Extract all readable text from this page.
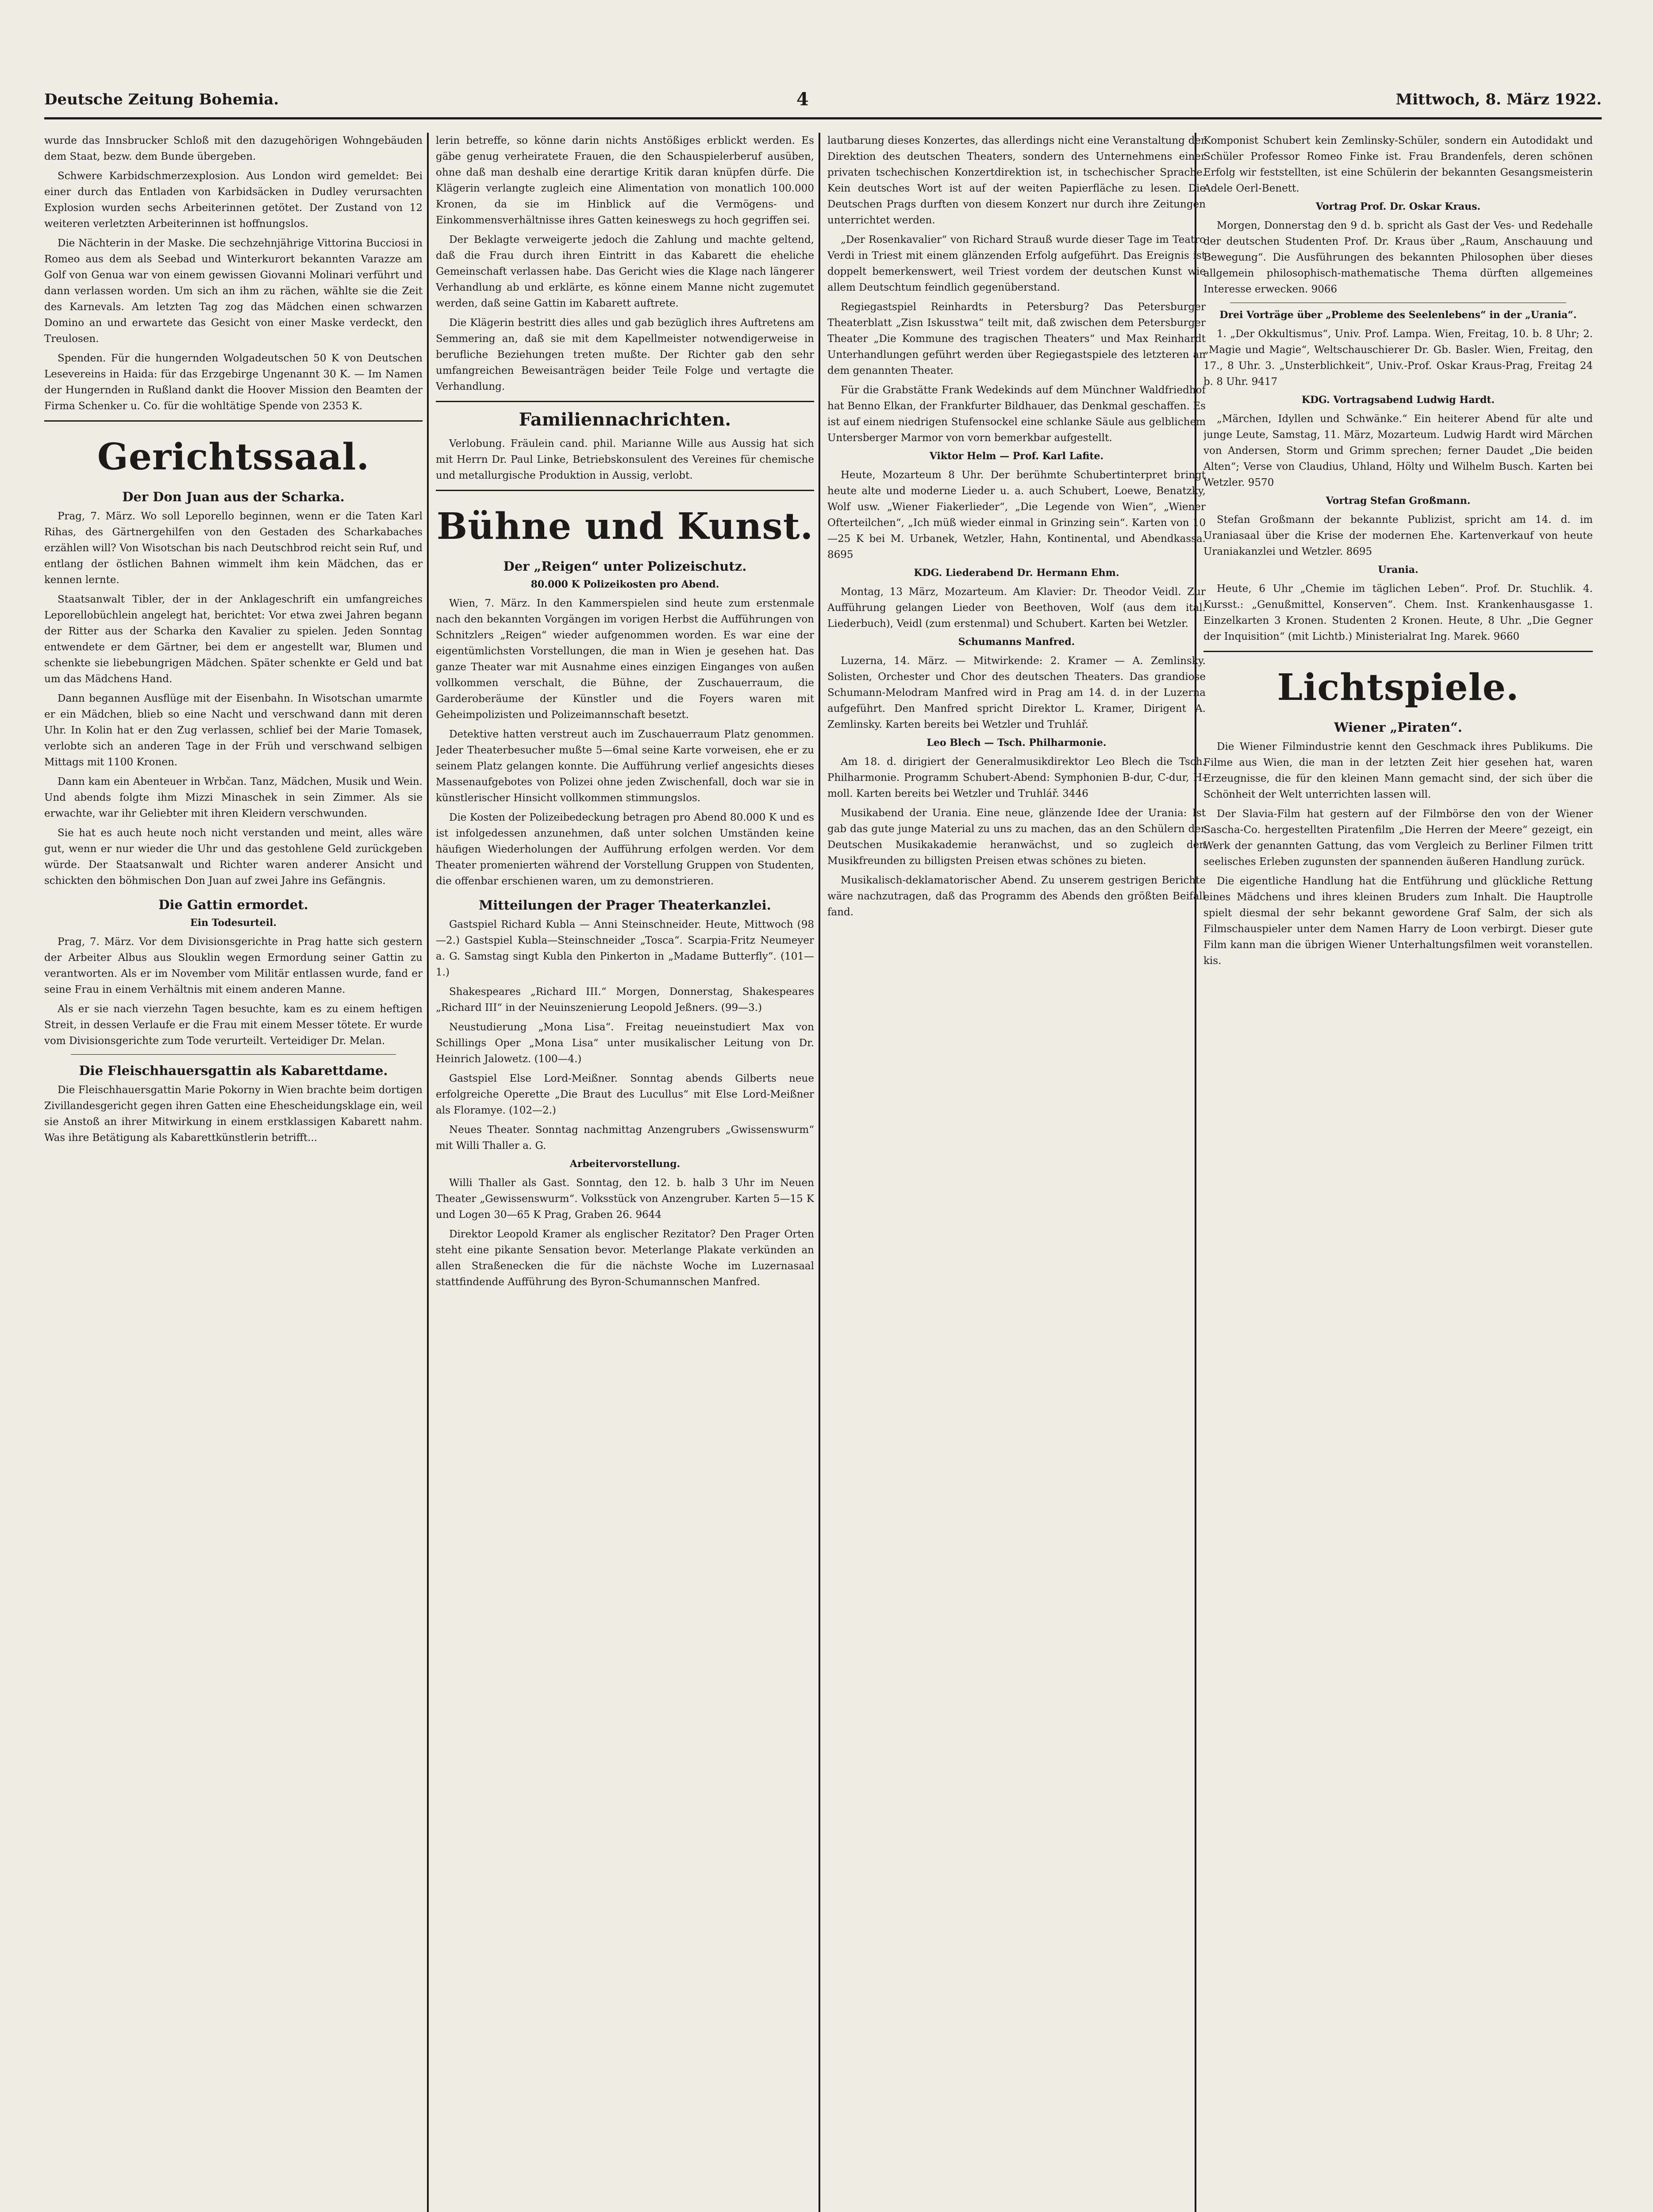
Deutsche Zeitung Bohemia.	4	Mittwoch, 8. März 1922.

wurde das Innsbrucker Schloß mit den dazugehörigen Wohngebäuden dem Staat, bezw. dem Bunde übergeben.

Schwere Karbidschmerzexplosion. Aus London wird gemeldet: Bei einer durch das Entladen von Karbidsäcken in Dudley verursachten Explosion wurden sechs Arbeiterinnen getötet. Der Zustand von 12 weiteren verletzten Arbeiterinnen ist hoffnungslos.

Die Nächterin in der Maske. Die sechzehnjährige Vittorina Bucciosi in Romeo aus dem als Seebad und Winterkurort bekannten Varazze am Golf von Genua war von einem gewissen Giovanni Molinari verführt und dann verlassen worden. Um sich an ihm zu rächen, wählte sie die Zeit des Karnevals. Am letzten Tag zog das Mädchen einen schwarzen Domino an und erwartete das Gesicht von einer Maske verdeckt, den Treulosen.

Spenden. Für die hungernden Wolgadeutschen 50 K von Deutschen Lesevereins in Haida: für das Erzgebirge Ungenannt 30 K. — Im Namen der Hungernden in Rußland dankt die Hoover Mission den Beamten der Firma Schenker u. Co. für die wohltätige Spende von 2353 K.

Gerichtssaal.
Der Don Juan aus der Scharka.

Prag, 7. März. Wo soll Leporello beginnen, wenn er die Taten Karl Rihas, des Gärtnergehilfen von den Gestaden des Scharkabaches erzählen will? Von Wisotschan bis nach Deutschbrod reicht sein Ruf, und entlang der östlichen Bahnen wimmelt ihm kein Mädchen, das er kennen lernte.

Staatsanwalt Tibler, der in der Anklageschrift ein umfangreiches Leporellobüchlein angelegt hat, berichtet: Vor etwa zwei Jahren begann der Ritter aus der Scharka den Kavalier zu spielen. Jeden Sonntag entwendete er dem Gärtner, bei dem er angestellt war, Blumen und schenkte sie liebebungrigen Mädchen. Später schenkte er Geld und bat um das Mädchens Hand.

Dann begannen Ausflüge mit der Eisenbahn. In Wisotschan umarmte er ein Mädchen, blieb so eine Nacht und verschwand dann mit deren Uhr. In Kolin hat er den Zug verlassen, schlief bei der Marie Tomasek, verlobte sich an anderen Tage in der Früh und verschwand selbigen Mittags mit 1100 Kronen.

Dann kam ein Abenteuer in Wrbčan. Tanz, Mädchen, Musik und Wein. Und abends folgte ihm Mizzi Minaschek in sein Zimmer. Als sie erwachte, war ihr Geliebter mit ihren Kleidern verschwunden.

Sie hat es auch heute noch nicht verstanden und meint, alles wäre gut, wenn er nur wieder die Uhr und das gestohlene Geld zurückgeben würde. Der Staatsanwalt und Richter waren anderer Ansicht und schickten den böhmischen Don Juan auf zwei Jahre ins Gefängnis.

Die Gattin ermordet.
Ein Todesurteil.

Prag, 7. März. Vor dem Divisionsgerichte in Prag hatte sich gestern der Arbeiter Albus aus Slouklin wegen Ermordung seiner Gattin zu verantworten. Als er im November vom Militär entlassen wurde, fand er seine Frau in einem Verhältnis mit einem anderen Manne.

Als er sie nach vierzehn Tagen besuchte, kam es zu einem heftigen Streit, in dessen Verlaufe er die Frau mit einem Messer tötete. Er wurde vom Divisionsgerichte zum Tode verurteilt. Verteidiger Dr. Melan.

Die Fleischhauersgattin als Kabarettdame.

Die Fleischhauersgattin Marie Pokorny in Wien brachte beim dortigen Zivillandesgericht gegen ihren Gatten eine Ehescheidungsklage ein, weil sie Anstoß an ihrer Mitwirkung in einem erstklassigen Kabarett nahm. Was ihre Betätigung als Kabarettkünstlerin betrifft...

lerin betreffe, so könne darin nichts Anstößiges erblickt werden. Es gäbe genug verheiratete Frauen, die den Schauspielerberuf ausüben, ohne daß man deshalb eine derartige Kritik daran knüpfen dürfe. Die Klägerin verlangte zugleich eine Alimentation von monatlich 100.000 Kronen, da sie im Hinblick auf die Vermögens- und Einkommensverhältnisse ihres Gatten keineswegs zu hoch gegriffen sei.

Der Beklagte verweigerte jedoch die Zahlung und machte geltend, daß die Frau durch ihren Eintritt in das Kabarett die eheliche Gemeinschaft verlassen habe. Das Gericht wies die Klage nach längerer Verhandlung ab und erklärte, es könne einem Manne nicht zugemutet werden, daß seine Gattin im Kabarett auftrete.

Die Klägerin bestritt dies alles und gab bezüglich ihres Auftretens am Semmering an, daß sie mit dem Kapellmeister notwendigerweise in berufliche Beziehungen treten mußte. Der Richter gab den sehr umfangreichen Beweisanträgen beider Teile Folge und vertagte die Verhandlung.

Familiennachrichten.

Verlobung. Fräulein cand. phil. Marianne Wille aus Aussig hat sich mit Herrn Dr. Paul Linke, Betriebskonsulent des Vereines für chemische und metallurgische Produktion in Aussig, verlobt.

Bühne und Kunst.
Der „Reigen“ unter Polizeischutz.
80.000 K Polizeikosten pro Abend.

Wien, 7. März. In den Kammerspielen sind heute zum erstenmale nach den bekannten Vorgängen im vorigen Herbst die Aufführungen von Schnitzlers „Reigen“ wieder aufgenommen worden. Es war eine der eigentümlichsten Vorstellungen, die man in Wien je gesehen hat. Das ganze Theater war mit Ausnahme eines einzigen Einganges von außen vollkommen verschalt, die Bühne, der Zuschauerraum, die Garderoberäume der Künstler und die Foyers waren mit Geheimpolizisten und Polizeimannschaft besetzt.

Detektive hatten verstreut auch im Zuschauerraum Platz genommen. Jeder Theaterbesucher mußte 5—6mal seine Karte vorweisen, ehe er zu seinem Platz gelangen konnte. Die Aufführung verlief angesichts dieses Massenaufgebotes von Polizei ohne jeden Zwischenfall, doch war sie in künstlerischer Hinsicht vollkommen stimmungslos.

Die Kosten der Polizeibedeckung betragen pro Abend 80.000 K und es ist infolgedessen anzunehmen, daß unter solchen Umständen keine häufigen Wiederholungen der Aufführung erfolgen werden. Vor dem Theater promenierten während der Vorstellung Gruppen von Studenten, die offenbar erschienen waren, um zu demonstrieren.

Mitteilungen der Prager Theaterkanzlei.

Gastspiel Richard Kubla — Anni Steinschneider. Heute, Mittwoch (98—2.) Gastspiel Kubla—Steinschneider „Tosca“. Scarpia-Fritz Neumeyer a. G. Samstag singt Kubla den Pinkerton in „Madame Butterfly“. (101—1.)

Shakespeares „Richard III.“ Morgen, Donnerstag, Shakespeares „Richard III“ in der Neuinszenierung Leopold Jeßners. (99—3.)

Neustudierung „Mona Lisa“. Freitag neueinstudiert Max von Schillings Oper „Mona Lisa“ unter musikalischer Leitung von Dr. Heinrich Jalowetz. (100—4.)

Gastspiel Else Lord-Meißner. Sonntag abends Gilberts neue erfolgreiche Operette „Die Braut des Lucullus“ mit Else Lord-Meißner als Floramye. (102—2.)

Neues Theater. Sonntag nachmittag Anzengrubers „Gwissenswurm“ mit Willi Thaller a. G.

Arbeitervorstellung.

Willi Thaller als Gast. Sonntag, den 12. b. halb 3 Uhr im Neuen Theater „Gewissenswurm“. Volksstück von Anzengruber. Karten 5—15 K und Logen 30—65 K Prag, Graben 26. 9644

Direktor Leopold Kramer als englischer Rezitator? Den Prager Orten steht eine pikante Sensation bevor. Meterlange Plakate verkünden an allen Straßenecken die für die nächste Woche im Luzernasaal stattfindende Aufführung des Byron-Schumannschen Manfred.

lautbarung dieses Konzertes, das allerdings nicht eine Veranstaltung der Direktion des deutschen Theaters, sondern des Unternehmens einer privaten tschechischen Konzertdirektion ist, in tschechischer Sprache. Kein deutsches Wort ist auf der weiten Papierfläche zu lesen. Die Deutschen Prags durften von diesem Konzert nur durch ihre Zeitungen unterrichtet werden.

„Der Rosenkavalier“ von Richard Strauß wurde dieser Tage im Teatro Verdi in Triest mit einem glänzenden Erfolg aufgeführt. Das Ereignis ist doppelt bemerkenswert, weil Triest vordem der deutschen Kunst wie allem Deutschtum feindlich gegenüberstand.

Regiegastspiel Reinhardts in Petersburg? Das Petersburger Theaterblatt „Zisn Iskusstwa“ teilt mit, daß zwischen dem Petersburger Theater „Die Kommune des tragischen Theaters“ und Max Reinhardt Unterhandlungen geführt werden über Regiegastspiele des letzteren an dem genannten Theater.

Für die Grabstätte Frank Wedekinds auf dem Münchner Waldfriedhof hat Benno Elkan, der Frankfurter Bildhauer, das Denkmal geschaffen. Es ist auf einem niedrigen Stufensockel eine schlanke Säule aus gelblichem Untersberger Marmor von vorn bemerkbar aufgestellt.

Viktor Helm — Prof. Karl Lafite.

Heute, Mozarteum 8 Uhr. Der berühmte Schubertinterpret bringt heute alte und moderne Lieder u. a. auch Schubert, Loewe, Benatzky, Wolf usw. „Wiener Fiakerlieder“, „Die Legende von Wien“, „Wiener Ofterteilchen“, „Ich müß wieder einmal in Grinzing sein“. Karten von 10—25 K bei M. Urbanek, Wetzler, Hahn, Kontinental, und Abendkassa. 8695

KDG. Liederabend Dr. Hermann Ehm.

Montag, 13 März, Mozarteum. Am Klavier: Dr. Theodor Veidl. Zur Aufführung gelangen Lieder von Beethoven, Wolf (aus dem ital. Liederbuch), Veidl (zum erstenmal) und Schubert. Karten bei Wetzler.

Schumanns Manfred.

Luzerna, 14. März. — Mitwirkende: 2. Kramer — A. Zemlinsky. Solisten, Orchester und Chor des deutschen Theaters. Das grandiose Schumann-Melodram Manfred wird in Prag am 14. d. in der Luzerna aufgeführt. Den Manfred spricht Direktor L. Kramer, Dirigent A. Zemlinsky. Karten bereits bei Wetzler und Truhlář.

Leo Blech — Tsch. Philharmonie.

Am 18. d. dirigiert der Generalmusikdirektor Leo Blech die Tsch. Philharmonie. Programm Schubert-Abend: Symphonien B-dur, C-dur, H-moll. Karten bereits bei Wetzler und Truhlář. 3446

Musikabend der Urania. Eine neue, glänzende Idee der Urania: Ist gab das gute junge Material zu uns zu machen, das an den Schülern der Deutschen Musikakademie heranwächst, und so zugleich den Musikfreunden zu billigsten Preisen etwas schönes zu bieten.

Musikalisch-deklamatorischer Abend. Zu unserem gestrigen Berichte wäre nachzutragen, daß das Programm des Abends den größten Beifall fand.

Komponist Schubert kein Zemlinsky-Schüler, sondern ein Autodidakt und Schüler Professor Romeo Finke ist. Frau Brandenfels, deren schönen Erfolg wir feststellten, ist eine Schülerin der bekannten Gesangsmeisterin Adele Oerl-Benett.

Vortrag Prof. Dr. Oskar Kraus.

Morgen, Donnerstag den 9 d. b. spricht als Gast der Ves- und Redehalle der deutschen Studenten Prof. Dr. Kraus über „Raum, Anschauung und Bewegung“. Die Ausführungen des bekannten Philosophen über dieses allgemein philosophisch-mathematische Thema dürften allgemeines Interesse erwecken. 9066

Drei Vorträge über „Probleme des Seelenlebens“ in der „Urania“.

1. „Der Okkultismus“, Univ. Prof. Lampa. Wien, Freitag, 10. b. 8 Uhr; 2. „Magie und Magie“, Weltschauschierer Dr. Gb. Basler. Wien, Freitag, den 17., 8 Uhr. 3. „Unsterblichkeit“, Univ.-Prof. Oskar Kraus-Prag, Freitag 24 b. 8 Uhr. 9417

KDG. Vortragsabend Ludwig Hardt.

„Märchen, Idyllen und Schwänke.“ Ein heiterer Abend für alte und junge Leute, Samstag, 11. März, Mozarteum. Ludwig Hardt wird Märchen von Andersen, Storm und Grimm sprechen; ferner Daudet „Die beiden Alten“; Verse von Claudius, Uhland, Hölty und Wilhelm Busch. Karten bei Wetzler. 9570

Vortrag Stefan Großmann.

Stefan Großmann der bekannte Publizist, spricht am 14. d. im Uraniasaal über die Krise der modernen Ehe. Kartenverkauf von heute Uraniakanzlei und Wetzler. 8695

Urania.

Heute, 6 Uhr „Chemie im täglichen Leben“. Prof. Dr. Stuchlik. 4. Kursst.: „Genußmittel, Konserven“. Chem. Inst. Krankenhausgasse 1. Einzelkarten 3 Kronen. Studenten 2 Kronen. Heute, 8 Uhr. „Die Gegner der Inquisition“ (mit Lichtb.) Ministerialrat Ing. Marek. 9660

Lichtspiele.
Wiener „Piraten“.

Die Wiener Filmindustrie kennt den Geschmack ihres Publikums. Die Filme aus Wien, die man in der letzten Zeit hier gesehen hat, waren Erzeugnisse, die für den kleinen Mann gemacht sind, der sich über die Schönheit der Welt unterrichten lassen will.

Der Slavia-Film hat gestern auf der Filmbörse den von der Wiener Sascha-Co. hergestellten Piratenfilm „Die Herren der Meere“ gezeigt, ein Werk der genannten Gattung, das vom Vergleich zu Berliner Filmen tritt seelisches Erleben zugunsten der spannenden äußeren Handlung zurück.

Die eigentliche Handlung hat die Entführung und glückliche Rettung eines Mädchens und ihres kleinen Bruders zum Inhalt. Die Hauptrolle spielt diesmal der sehr bekannt gewordene Graf Salm, der sich als Filmschauspieler unter dem Namen Harry de Loon verbirgt. Dieser gute Film kann man die übrigen Wiener Unterhaltungsfilmen weit voranstellen. kis.
